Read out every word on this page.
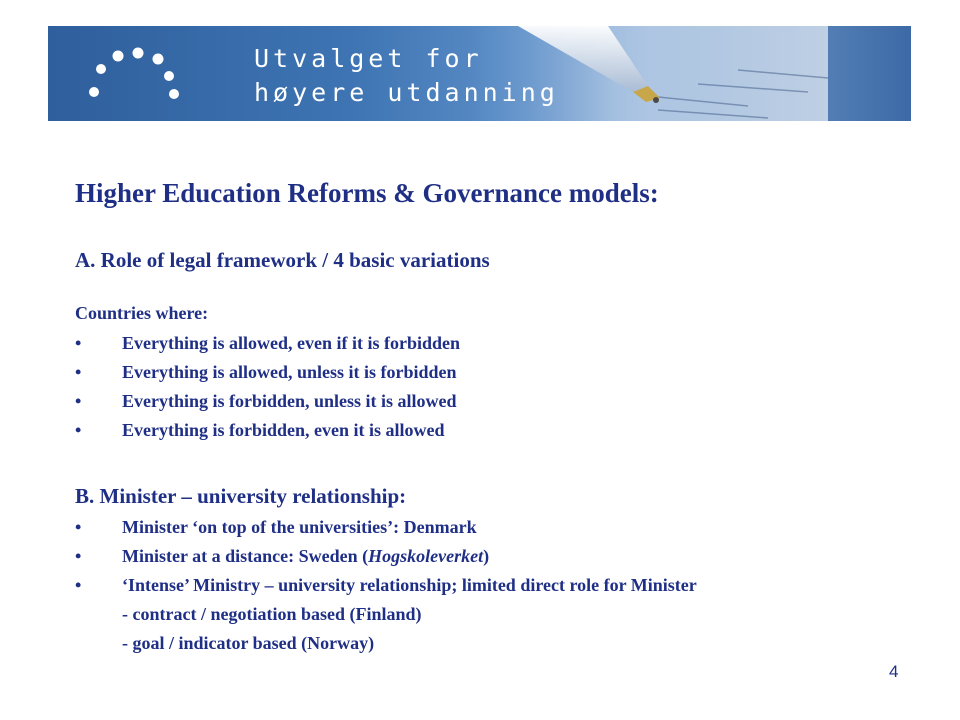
Utvalget for
høyere utdanning
Higher Education Reforms & Governance models:
A. Role of legal framework / 4 basic variations
Countries where:
• Everything is allowed, even if it is forbidden
• Everything is allowed, unless it is forbidden
• Everything is forbidden, unless it is allowed
• Everything is forbidden, even it is allowed
B. Minister – university relationship:
• Minister ‘on top of the universities’: Denmark
• Minister at a distance: Sweden (Hogskoleverket)
• ‘Intense’ Ministry – university relationship; limited direct role for Minister
- contract / negotiation based (Finland)
- goal / indicator based (Norway)
4
